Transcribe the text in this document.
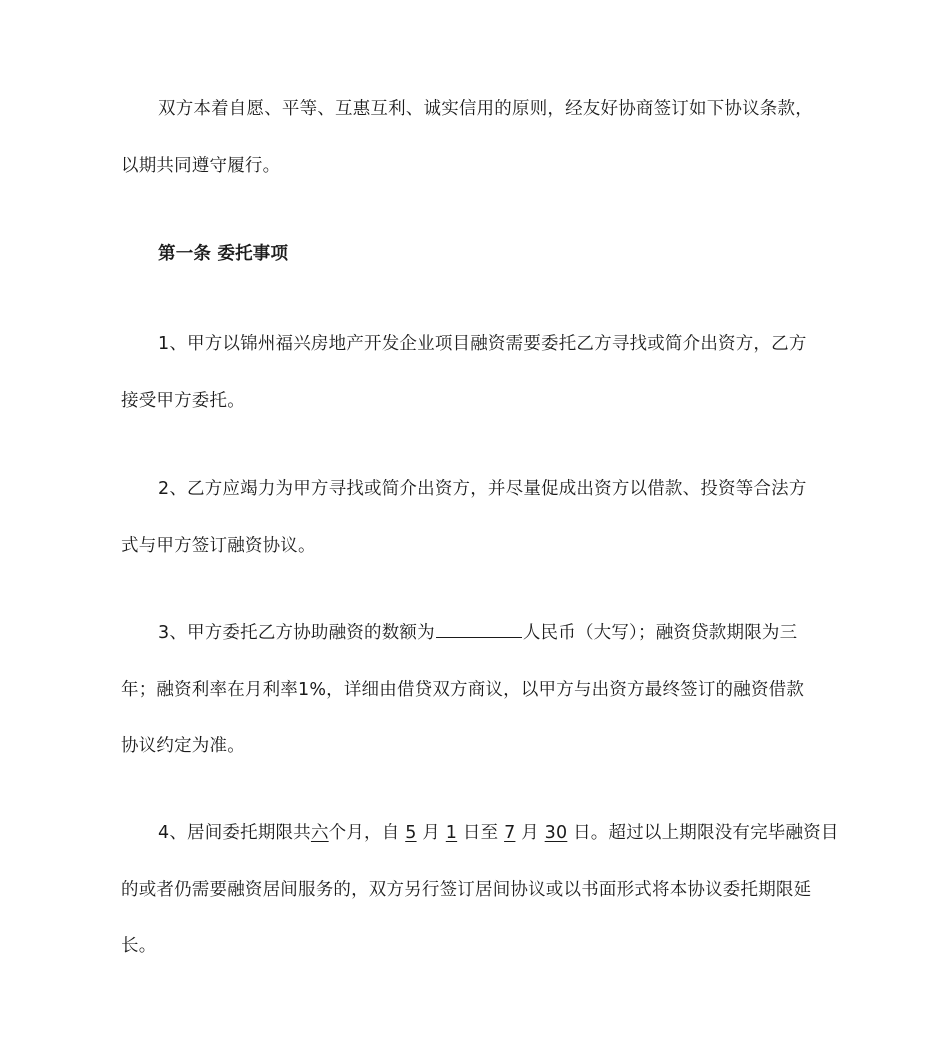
双方本着自愿、平等、互惠互利、诚实信用的原则，经友好协商签订如下协议条款，
以期共同遵守履行。
第一条 委托事项
1、甲方以锦州福兴房地产开发企业项目融资需要委托乙方寻找或简介出资方，乙方
接受甲方委托。
2、乙方应竭力为甲方寻找或简介出资方，并尽量促成出资方以借款、投资等合法方
式与甲方签订融资协议。
3、甲方委托乙方协助融资的数额为	人民币（大写）；融资贷款期限为三
年；融资利率在月利率1%，详细由借贷双方商议，以甲方与出资方最终签订的融资借款
协议约定为准。
4、居间委托期限共六个月，自 5 月 1 日至 7 月 30 日。超过以上期限没有完毕融资目
的或者仍需要融资居间服务的，双方另行签订居间协议或以书面形式将本协议委托期限延
长。
